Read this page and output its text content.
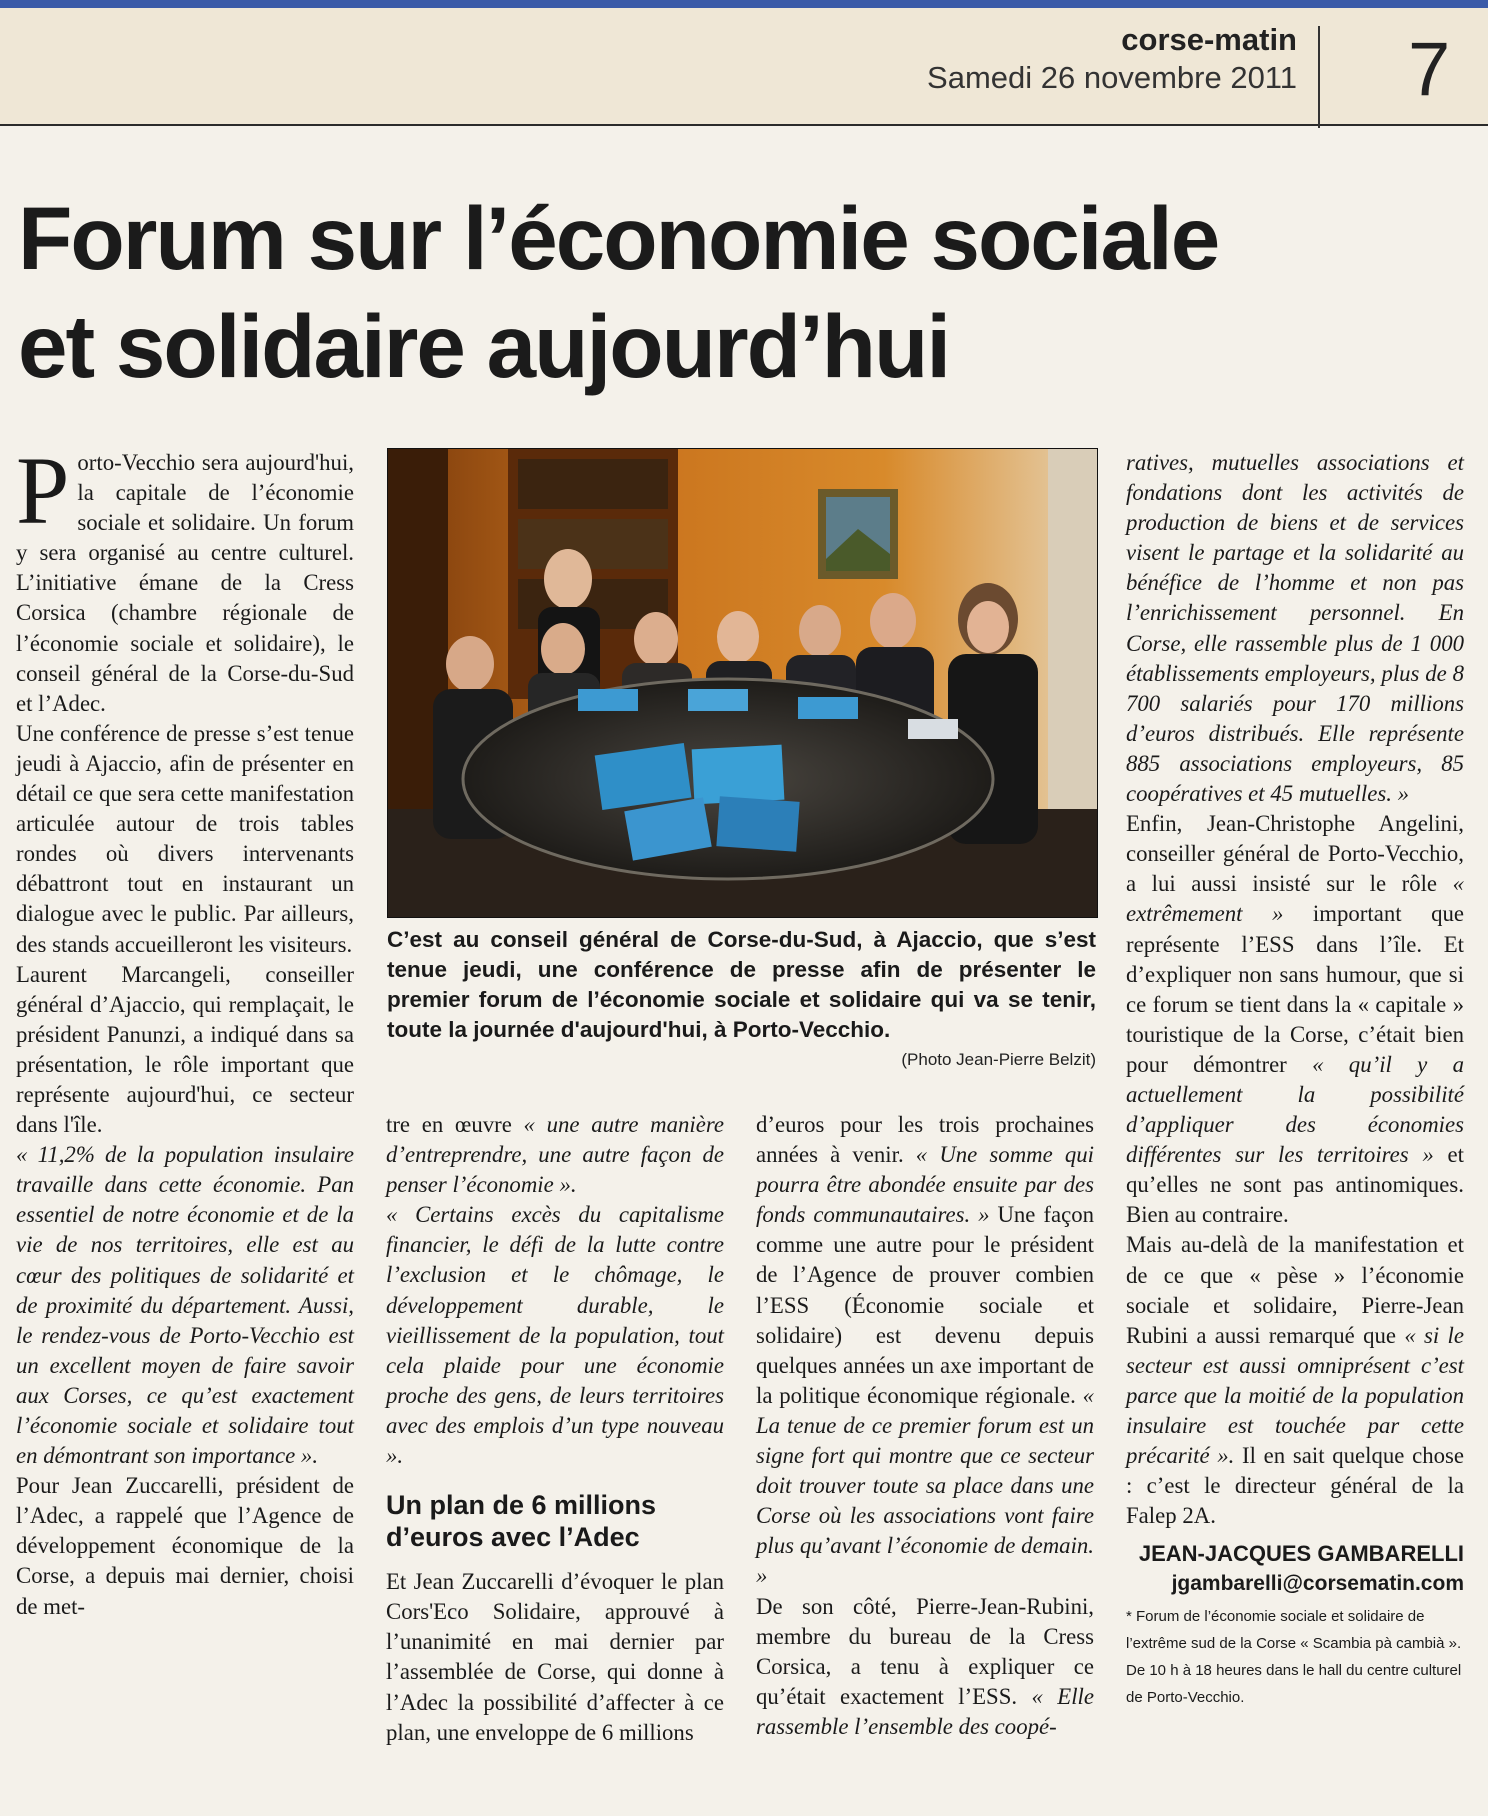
corse-matin
Samedi 26 novembre 2011 7
Forum sur l’économie sociale
et solidaire aujourd’hui

Porto-Vecchio sera aujourd'hui, la capitale de l’économie sociale et solidaire. Un forum y sera organisé au centre culturel. L’initiative émane de la Cress Corsica (chambre régionale de l’économie sociale et solidaire), le conseil général de la Corse-du-Sud et l’Adec.

Une conférence de presse s’est tenue jeudi à Ajaccio, afin de présenter en détail ce que sera cette manifestation articulée autour de trois tables rondes où divers intervenants débattront tout en instaurant un dialogue avec le public. Par ailleurs, des stands accueilleront les visiteurs.

Laurent Marcangeli, conseiller général d’Ajaccio, qui remplaçait, le président Panunzi, a indiqué dans sa présentation, le rôle important que représente aujourd'hui, ce secteur dans l'île.

« 11,2% de la population insulaire travaille dans cette économie. Pan essentiel de notre économie et de la vie de nos territoires, elle est au cœur des politiques de solidarité et de proximité du département. Aussi, le rendez-vous de Porto-Vecchio est un excellent moyen de faire savoir aux Corses, ce qu’est exactement l’économie sociale et solidaire tout en démontrant son importance ».

Pour Jean Zuccarelli, président de l’Adec, a rappelé que l’Agence de développement économique de la Corse, a depuis mai dernier, choisi de met-

C’est au conseil général de Corse-du-Sud, à Ajaccio, que s’est tenue jeudi, une conférence de presse afin de présenter le premier forum de l’économie sociale et solidaire qui va se tenir, toute la journée d'aujourd'hui, à Porto-Vecchio.
(Photo Jean-Pierre Belzit)

tre en œuvre « une autre manière d’entreprendre, une autre façon de penser l’économie ».

« Certains excès du capitalisme financier, le défi de la lutte contre l’exclusion et le chômage, le développement durable, le vieillissement de la population, tout cela plaide pour une économie proche des gens, de leurs territoires avec des emplois d’un type nouveau ».

Un plan de 6 millions d’euros avec l’Adec

Et Jean Zuccarelli d’évoquer le plan Cors'Eco Solidaire, approuvé à l’unanimité en mai dernier par l’assemblée de Corse, qui donne à l’Adec la possibilité d’affecter à ce plan, une enveloppe de 6 millions

d’euros pour les trois prochaines années à venir. « Une somme qui pourra être abondée ensuite par des fonds communautaires. » Une façon comme une autre pour le président de l’Agence de prouver combien l’ESS (Économie sociale et solidaire) est devenu depuis quelques années un axe important de la politique économique régionale. « La tenue de ce premier forum est un signe fort qui montre que ce secteur doit trouver toute sa place dans une Corse où les associations vont faire plus qu’avant l’économie de demain. »

De son côté, Pierre-Jean-Rubini, membre du bureau de la Cress Corsica, a tenu à expliquer ce qu’était exactement l’ESS. « Elle rassemble l’ensemble des coopé-

ratives, mutuelles associations et fondations dont les activités de production de biens et de services visent le partage et la solidarité au bénéfice de l’homme et non pas l’enrichissement personnel. En Corse, elle rassemble plus de 1 000 établissements employeurs, plus de 8 700 salariés pour 170 millions d’euros distribués. Elle représente 885 associations employeurs, 85 coopératives et 45 mutuelles. »

Enfin, Jean-Christophe Angelini, conseiller général de Porto-Vecchio, a lui aussi insisté sur le rôle « extrêmement » important que représente l’ESS dans l’île. Et d’expliquer non sans humour, que si ce forum se tient dans la « capitale » touristique de la Corse, c’était bien pour démontrer « qu’il y a actuellement la possibilité d’appliquer des économies différentes sur les territoires » et qu’elles ne sont pas antinomiques. Bien au contraire.

Mais au-delà de la manifestation et de ce que « pèse » l’économie sociale et solidaire, Pierre-Jean Rubini a aussi remarqué que « si le secteur est aussi omniprésent c’est parce que la moitié de la population insulaire est touchée par cette précarité ». Il en sait quelque chose : c’est le directeur général de la Falep 2A.

JEAN-JACQUES GAMBARELLI

jgambarelli@corsematin.com

* Forum de l’économie sociale et solidaire de l’extrême sud de la Corse « Scambia pà cambià ». De 10 h à 18 heures dans le hall du centre culturel de Porto-Vecchio.
